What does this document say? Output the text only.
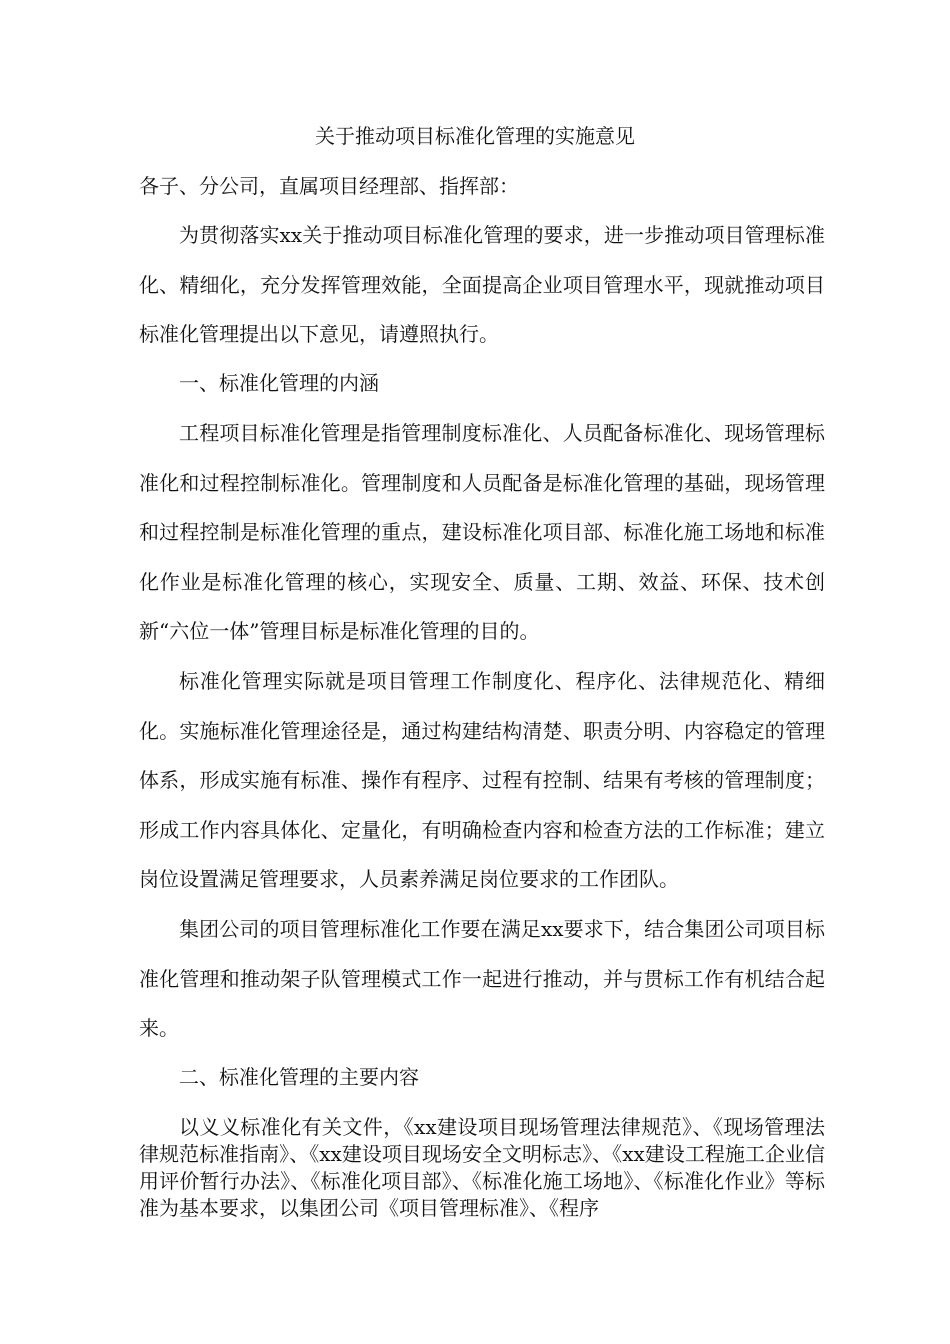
关于推动项目标准化管理的实施意见
各子、分公司，直属项目经理部、指挥部：

为贯彻落实xx关于推动项目标准化管理的要求，进一步推动项目管理标准化、精细化，充分发挥管理效能，全面提高企业项目管理水平，现就推动项目标准化管理提出以下意见，请遵照执行。

一、标准化管理的内涵

工程项目标准化管理是指管理制度标准化、人员配备标准化、现场管理标准化和过程控制标准化。管理制度和人员配备是标准化管理的基础，现场管理和过程控制是标准化管理的重点，建设标准化项目部、标准化施工场地和标准化作业是标准化管理的核心，实现安全、质量、工期、效益、环保、技术创新“六位一体”管理目标是标准化管理的目的。

标准化管理实际就是项目管理工作制度化、程序化、法律规范化、精细化。实施标准化管理途径是，通过构建结构清楚、职责分明、内容稳定的管理体系，形成实施有标准、操作有程序、过程有控制、结果有考核的管理制度；形成工作内容具体化、定量化，有明确检查内容和检查方法的工作标准；建立岗位设置满足管理要求，人员素养满足岗位要求的工作团队。

集团公司的项目管理标准化工作要在满足xx要求下，结合集团公司项目标准化管理和推动架子队管理模式工作一起进行推动，并与贯标工作有机结合起来。

二、标准化管理的主要内容

以义义标准化有关文件，《xx建设项目现场管理法律规范》、《现场管理法律规范标准指南》、《xx建设项目现场安全文明标志》、《xx建设工程施工企业信用评价暂行办法》、《标准化项目部》、《标准化施工场地》、《标准化作业》等标准为基本要求，以集团公司《项目管理标准》、《程序
